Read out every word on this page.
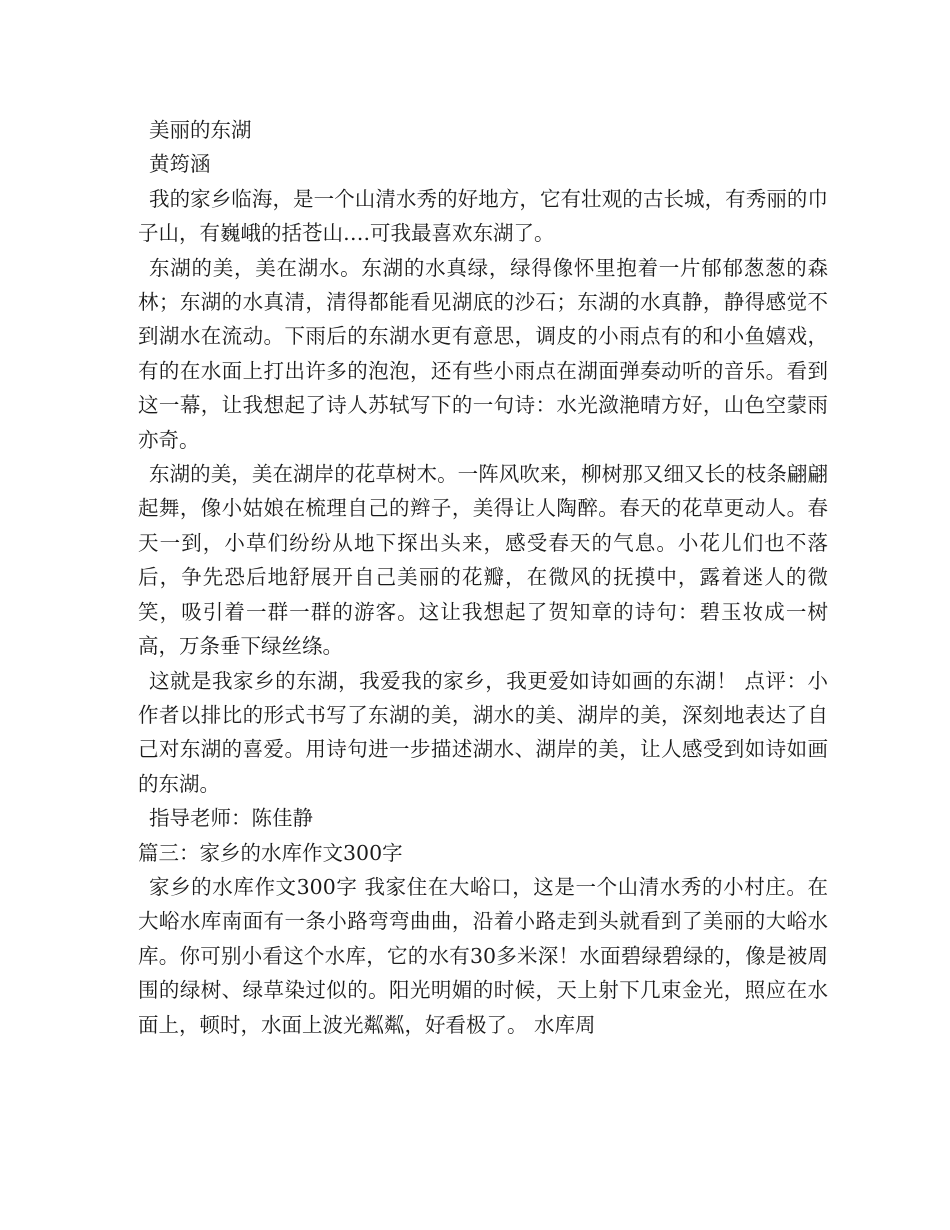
美丽的东湖

黄筠涵

我的家乡临海，是一个山清水秀的好地方，它有壮观的古长城，有秀丽的巾子山，有巍峨的括苍山….可我最喜欢东湖了。

东湖的美，美在湖水。东湖的水真绿，绿得像怀里抱着一片郁郁葱葱的森林；东湖的水真清，清得都能看见湖底的沙石；东湖的水真静，静得感觉不到湖水在流动。下雨后的东湖水更有意思，调皮的小雨点有的和小鱼嬉戏，有的在水面上打出许多的泡泡，还有些小雨点在湖面弹奏动听的音乐。看到这一幕，让我想起了诗人苏轼写下的一句诗：水光潋滟晴方好，山色空蒙雨亦奇。

东湖的美，美在湖岸的花草树木。一阵风吹来，柳树那又细又长的枝条翩翩起舞，像小姑娘在梳理自己的辫子，美得让人陶醉。春天的花草更动人。春天一到，小草们纷纷从地下探出头来，感受春天的气息。小花儿们也不落后，争先恐后地舒展开自己美丽的花瓣，在微风的抚摸中，露着迷人的微笑，吸引着一群一群的游客。这让我想起了贺知章的诗句：碧玉妆成一树高，万条垂下绿丝绦。

这就是我家乡的东湖，我爱我的家乡，我更爱如诗如画的东湖！ 点评：小作者以排比的形式书写了东湖的美，湖水的美、湖岸的美，深刻地表达了自己对东湖的喜爱。用诗句进一步描述湖水、湖岸的美，让人感受到如诗如画的东湖。

指导老师：陈佳静

篇三：家乡的水库作文300字

家乡的水库作文300字 我家住在大峪口，这是一个山清水秀的小村庄。在大峪水库南面有一条小路弯弯曲曲，沿着小路走到头就看到了美丽的大峪水库。你可别小看这个水库，它的水有30多米深！水面碧绿碧绿的，像是被周围的绿树、绿草染过似的。阳光明媚的时候，天上射下几束金光，照应在水面上，顿时，水面上波光粼粼，好看极了。 水库周
